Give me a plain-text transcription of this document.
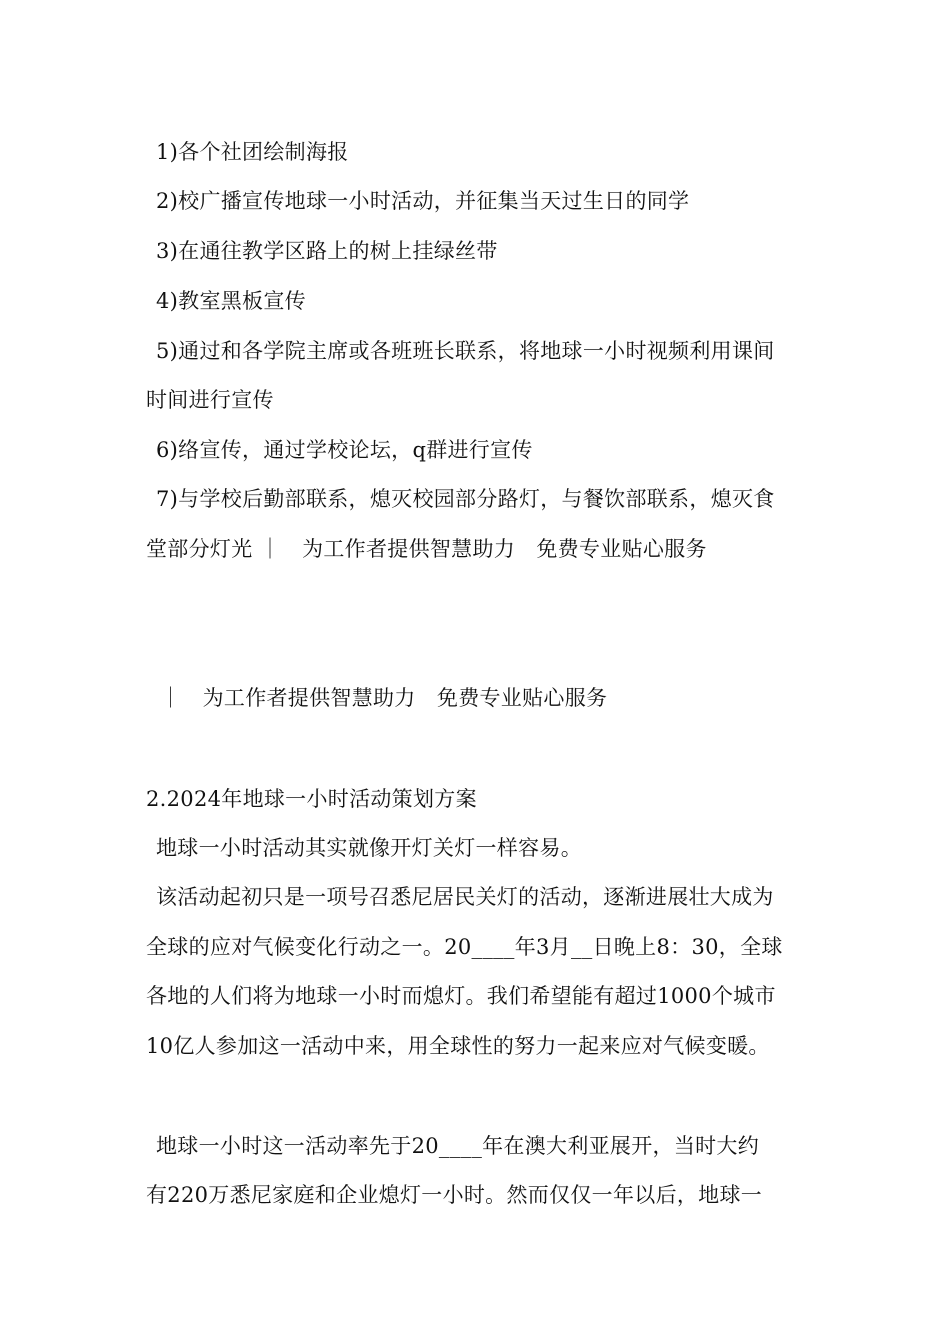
1)各个社团绘制海报
2)校广播宣传地球一小时活动，并征集当天过生日的同学
3)在通往教学区路上的树上挂绿丝带
4)教室黑板宣传
5)通过和各学院主席或各班班长联系，将地球一小时视频利用课间
时间进行宣传
6)络宣传，通过学校论坛，q群进行宣传
7)与学校后勤部联系，熄灭校园部分路灯，与餐饮部联系，熄灭食
堂部分灯光 ｜　为工作者提供智慧助力　免费专业贴心服务
｜　为工作者提供智慧助力　免费专业贴心服务
2.2024年地球一小时活动策划方案
地球一小时活动其实就像开灯关灯一样容易。
该活动起初只是一项号召悉尼居民关灯的活动，逐渐进展壮大成为
全球的应对气候变化行动之一。20____年3月__日晚上8：30，全球
各地的人们将为地球一小时而熄灯。我们希望能有超过1000个城市
10亿人参加这一活动中来，用全球性的努力一起来应对气候变暖。
地球一小时这一活动率先于20____年在澳大利亚展开，当时大约
有220万悉尼家庭和企业熄灯一小时。然而仅仅一年以后，地球一
